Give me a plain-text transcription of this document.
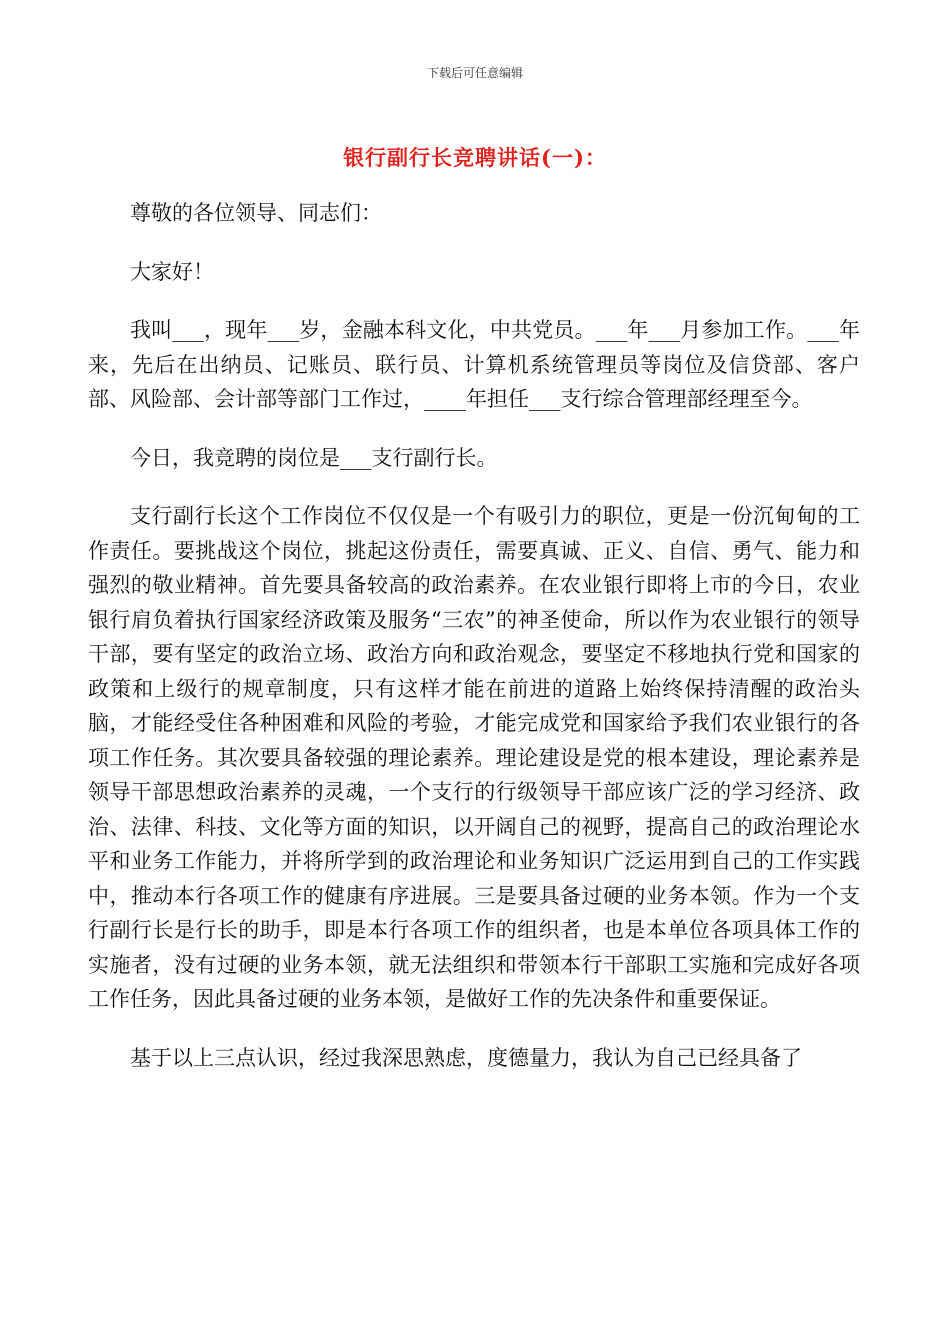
下载后可任意编辑
银行副行长竞聘讲话(一)：

尊敬的各位领导、同志们：

大家好！

我叫___，现年___岁，金融本科文化，中共党员。___年___月参加工作。___年来，先后在出纳员、记账员、联行员、计算机系统管理员等岗位及信贷部、客户部、风险部、会计部等部门工作过，____年担任___支行综合管理部经理至今。

今日，我竞聘的岗位是___支行副行长。

支行副行长这个工作岗位不仅仅是一个有吸引力的职位，更是一份沉甸甸的工作责任。要挑战这个岗位，挑起这份责任，需要真诚、正义、自信、勇气、能力和强烈的敬业精神。首先要具备较高的政治素养。在农业银行即将上市的今日，农业银行肩负着执行国家经济政策及服务“三农”的神圣使命，所以作为农业银行的领导干部，要有坚定的政治立场、政治方向和政治观念，要坚定不移地执行党和国家的政策和上级行的规章制度，只有这样才能在前进的道路上始终保持清醒的政治头脑，才能经受住各种困难和风险的考验，才能完成党和国家给予我们农业银行的各项工作任务。其次要具备较强的理论素养。理论建设是党的根本建设，理论素养是领导干部思想政治素养的灵魂，一个支行的行级领导干部应该广泛的学习经济、政治、法律、科技、文化等方面的知识，以开阔自己的视野，提高自己的政治理论水平和业务工作能力，并将所学到的政治理论和业务知识广泛运用到自己的工作实践中，推动本行各项工作的健康有序进展。三是要具备过硬的业务本领。作为一个支行副行长是行长的助手，即是本行各项工作的组织者，也是本单位各项具体工作的实施者，没有过硬的业务本领，就无法组织和带领本行干部职工实施和完成好各项工作任务，因此具备过硬的业务本领，是做好工作的先决条件和重要保证。

基于以上三点认识，经过我深思熟虑，度德量力，我认为自己已经具备了
